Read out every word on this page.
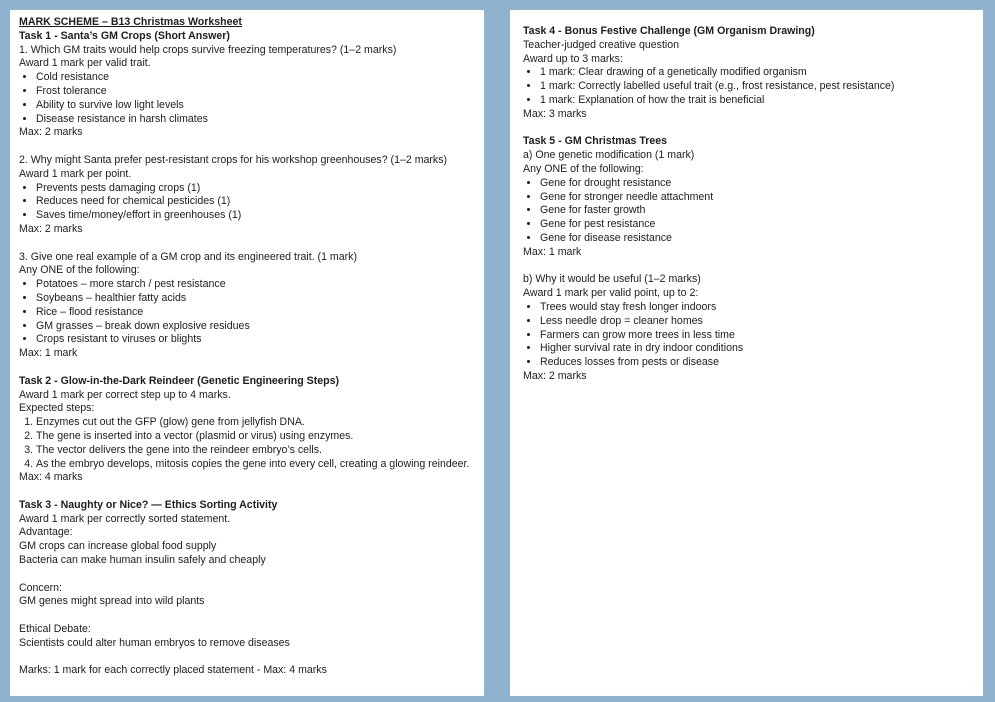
MARK SCHEME – B13 Christmas Worksheet
Task 1 - Santa’s GM Crops (Short Answer)
1. Which GM traits would help crops survive freezing temperatures? (1–2 marks)
Award 1 mark per valid trait.
• Cold resistance
• Frost tolerance
• Ability to survive low light levels
• Disease resistance in harsh climates
Max: 2 marks
2. Why might Santa prefer pest-resistant crops for his workshop greenhouses? (1–2 marks)
Award 1 mark per point.
• Prevents pests damaging crops (1)
• Reduces need for chemical pesticides (1)
• Saves time/money/effort in greenhouses (1)
Max: 2 marks
3. Give one real example of a GM crop and its engineered trait. (1 mark)
Any ONE of the following:
• Potatoes – more starch / pest resistance
• Soybeans – healthier fatty acids
• Rice – flood resistance
• GM grasses – break down explosive residues
• Crops resistant to viruses or blights
Max: 1 mark
Task 2 - Glow-in-the-Dark Reindeer (Genetic Engineering Steps)
Award 1 mark per correct step up to 4 marks.
Expected steps:
1. Enzymes cut out the GFP (glow) gene from jellyfish DNA.
2. The gene is inserted into a vector (plasmid or virus) using enzymes.
3. The vector delivers the gene into the reindeer embryo’s cells.
4. As the embryo develops, mitosis copies the gene into every cell, creating a glowing reindeer.
Max: 4 marks
Task 3 - Naughty or Nice? — Ethics Sorting Activity
Award 1 mark per correctly sorted statement.
Advantage:
GM crops can increase global food supply
Bacteria can make human insulin safely and cheaply
Concern:
GM genes might spread into wild plants
Ethical Debate:
Scientists could alter human embryos to remove diseases
Marks: 1 mark for each correctly placed statement - Max: 4 marks
Task 4 - Bonus Festive Challenge (GM Organism Drawing)
Teacher-judged creative question
Award up to 3 marks:
• 1 mark: Clear drawing of a genetically modified organism
• 1 mark: Correctly labelled useful trait (e.g., frost resistance, pest resistance)
• 1 mark: Explanation of how the trait is beneficial
Max: 3 marks
Task 5 - GM Christmas Trees
a) One genetic modification (1 mark)
Any ONE of the following:
• Gene for drought resistance
• Gene for stronger needle attachment
• Gene for faster growth
• Gene for pest resistance
• Gene for disease resistance
Max: 1 mark
b) Why it would be useful (1–2 marks)
Award 1 mark per valid point, up to 2:
• Trees would stay fresh longer indoors
• Less needle drop = cleaner homes
• Farmers can grow more trees in less time
• Higher survival rate in dry indoor conditions
• Reduces losses from pests or disease
Max: 2 marks
